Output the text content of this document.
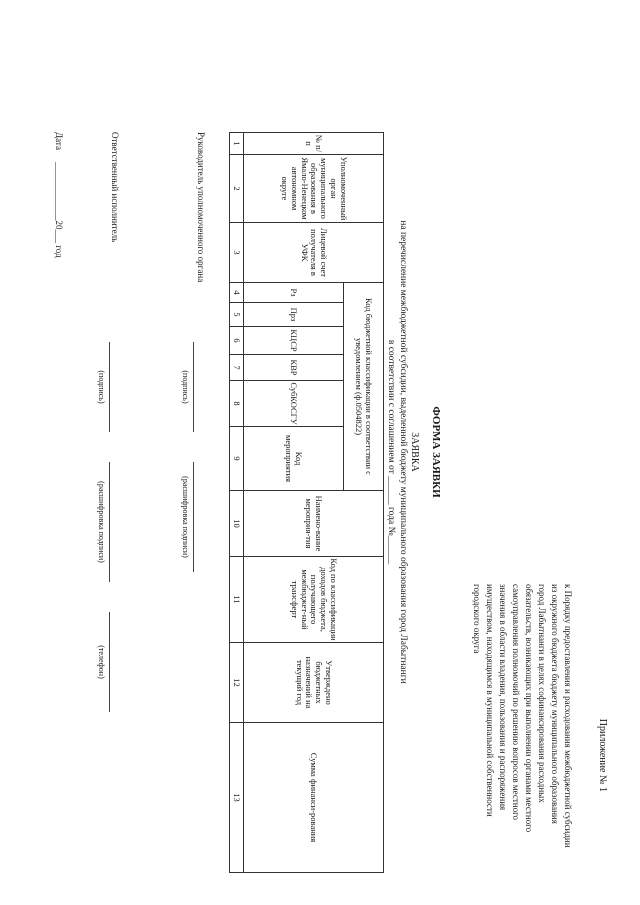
Приложение № 1
к Порядку предоставления и расходования межбюджетной субсидии
из окружного бюджета бюджету муниципального образования
город Лабытнанги в целях софинансирования расходных
обязательств, возникающих при выполнении органами местного
самоуправления полномочий по решению вопросов местного
значения в области владения, пользования и распоряжения
имуществом, находящимся в муниципальной собственности
городского округа
ФОРМА ЗАЯВКИ
ЗАЯВКА
на перечисление межбюджетной субсидии, выделенной бюджету муниципального образования город Лабытнанги
в соответствии с соглашением от ______ года №______
№ п/п
Уполномоченный орган муниципального образования в Ямало-Ненецком автономном округе
Лицевой счет получателя в УФК
Код бюджетной классификации в соответствии с уведомлением (ф.0504822)
Рз
Прз
КЦСР
КВР
СубКОСГУ
Код мероприятия
Наимено-вание мероприя-тия
Код по классификации доходов бюджета, получающего межбюджет-ный трансферт
Утверждено бюджетных назначений на текущий год
Сумма финанси-рования
1
2
3
4
5
6
7
8
9
10
11
12
13
Руководитель уполномоченного органа
(подпись)
(расшифровка подписи)
Ответственный исполнитель
(подпись)
(расшифровка подписи)
(телефон)
Дата
_____________20___ год
